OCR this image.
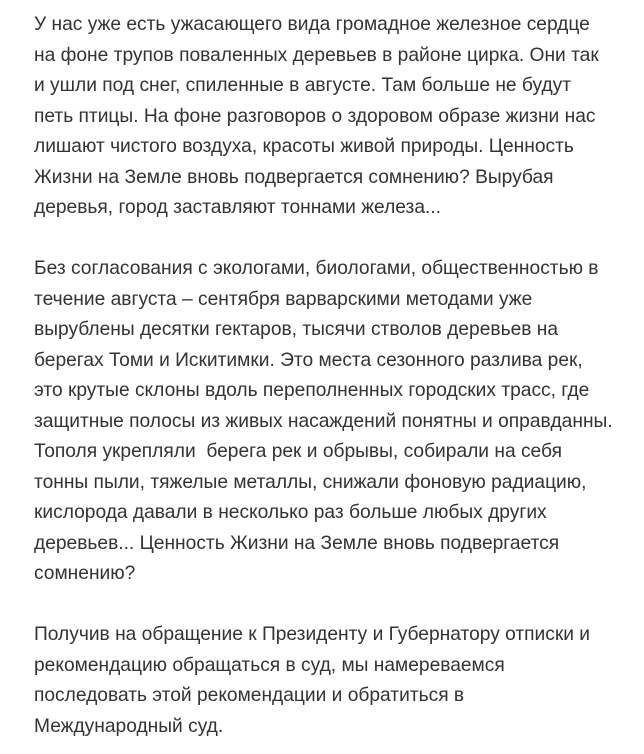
У нас уже есть ужасающего вида громадное железное сердце на фоне трупов поваленных деревьев в районе цирка. Они так и ушли под снег, спиленные в августе. Там больше не будут петь птицы. На фоне разговоров о здоровом образе жизни нас лишают чистого воздуха, красоты живой природы. Ценность Жизни на Земле вновь подвергается сомнению? Вырубая деревья, город заставляют тоннами железа...

Без согласования с экологами, биологами, общественностью в течение августа – сентября варварскими методами уже вырублены десятки гектаров, тысячи стволов деревьев на берегах Томи и Искитимки. Это места сезонного разлива рек, это крутые склоны вдоль переполненных городских трасс, где защитные полосы из живых насаждений понятны и оправданны. Тополя укрепляли  берега рек и обрывы, собирали на себя тонны пыли, тяжелые металлы, снижали фоновую радиацию, кислорода давали в несколько раз больше любых других деревьев... Ценность Жизни на Земле вновь подвергается сомнению?

Получив на обращение к Президенту и Губернатору отписки и рекомендацию обращаться в суд, мы намереваемся последовать этой рекомендации и обратиться в Международный суд.
